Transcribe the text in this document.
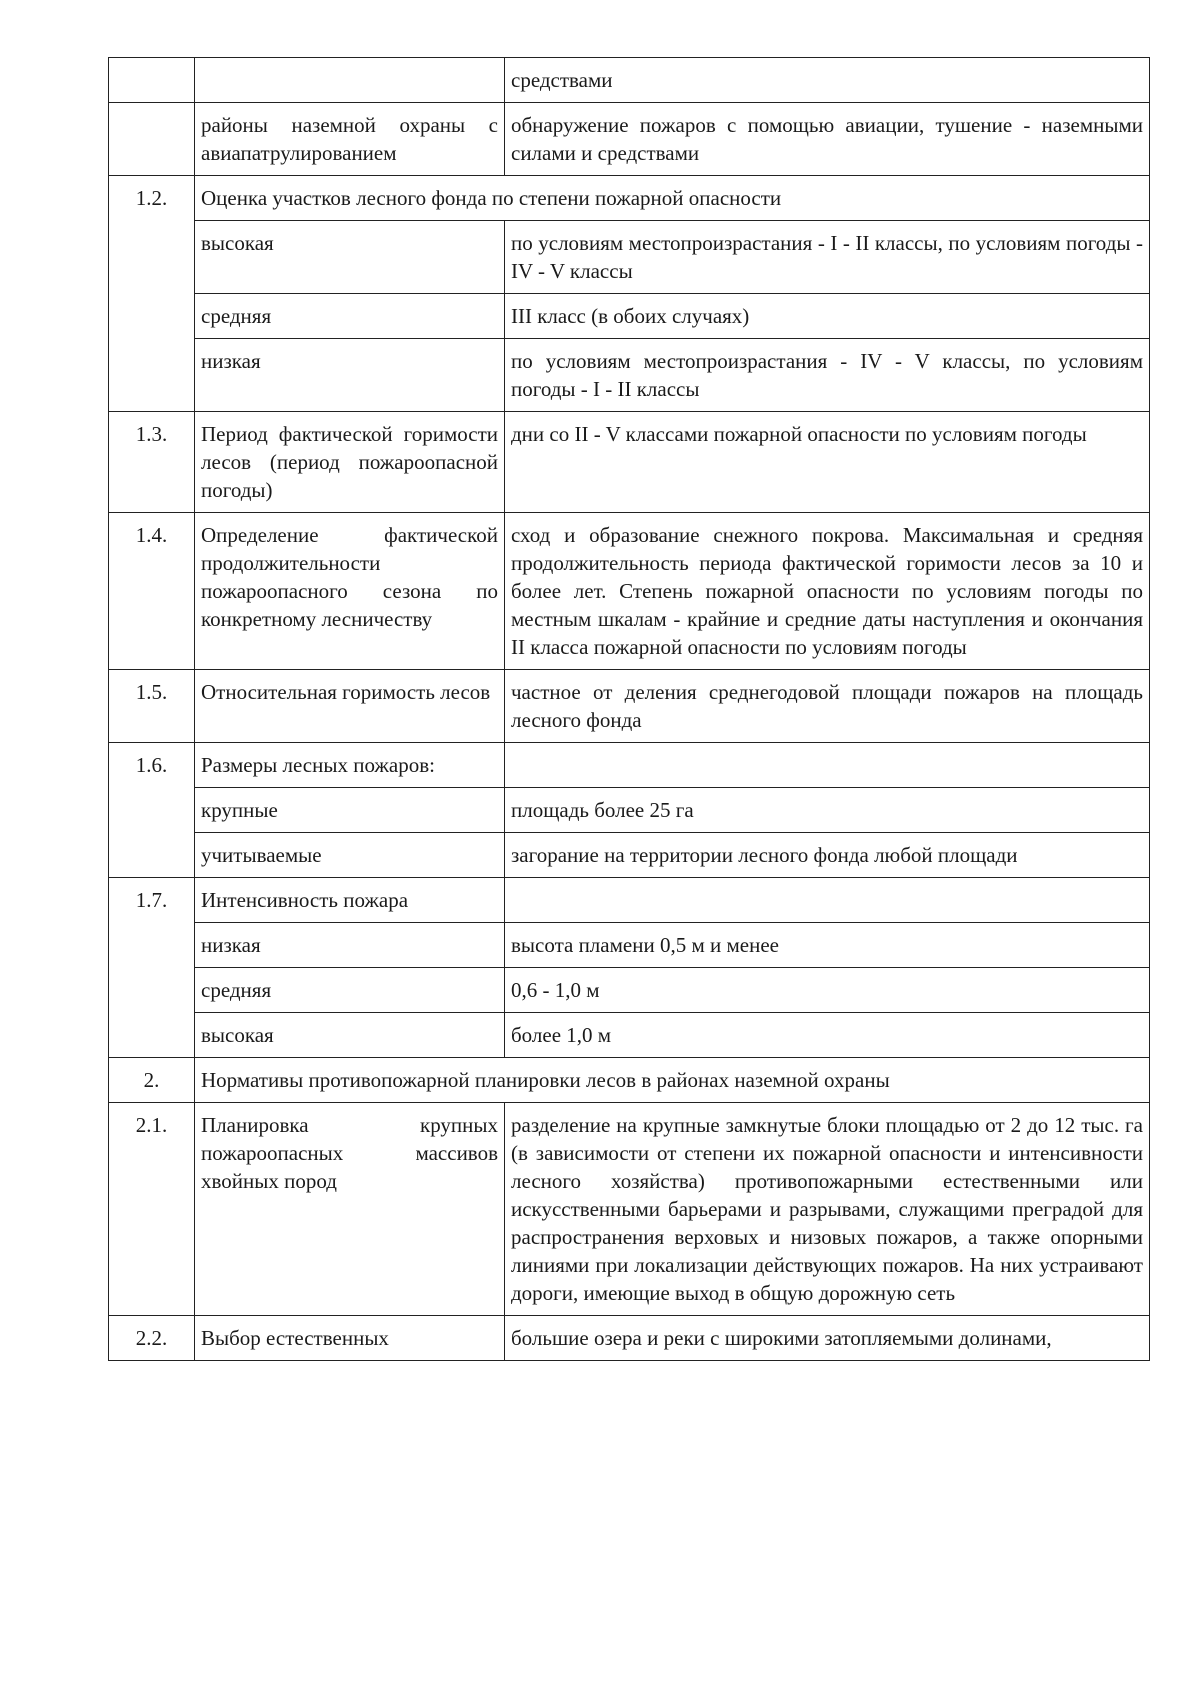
		средствами
	районы наземной охраны с авиапатрулированием	обнаружение пожаров с помощью авиации, тушение - наземными силами и средствами
1.2.	Оценка участков лесного фонда по степени пожарной опасности	
	высокая	по условиям местопроизрастания - I - II классы, по условиям погоды - IV - V классы
	средняя	III класс (в обоих случаях)
	низкая	по условиям местопроизрастания - IV - V классы, по условиям погоды - I - II классы
1.3.	Период фактической горимости лесов (период пожароопасной погоды)	дни со II - V классами пожарной опасности по условиям погоды
1.4.	Определение фактической продолжительности пожароопасного сезона по конкретному лесничеству	сход и образование снежного покрова. Максимальная и средняя продолжительность периода фактической горимости лесов за 10 и более лет. Степень пожарной опасности по условиям погоды по местным шкалам - крайние и средние даты наступления и окончания II класса пожарной опасности по условиям погоды
1.5.	Относительная горимость лесов	частное от деления среднегодовой площади пожаров на площадь лесного фонда
1.6.	Размеры лесных пожаров:	
	крупные	площадь более 25 га
	учитываемые	загорание на территории лесного фонда любой площади
1.7.	Интенсивность пожара	
	низкая	высота пламени 0,5 м и менее
	средняя	0,6 - 1,0 м
	высокая	более 1,0 м
2.	Нормативы противопожарной планировки лесов в районах наземной охраны	
2.1.	Планировка крупных пожароопасных массивов хвойных пород	разделение на крупные замкнутые блоки площадью от 2 до 12 тыс. га (в зависимости от степени их пожарной опасности и интенсивности лесного хозяйства) противопожарными естественными или искусственными барьерами и разрывами, служащими преградой для распространения верховых и низовых пожаров, а также опорными линиями при локализации действующих пожаров. На них устраивают дороги, имеющие выход в общую дорожную сеть
2.2.	Выбор естественных	большие озера и реки с широкими затопляемыми долинами,
